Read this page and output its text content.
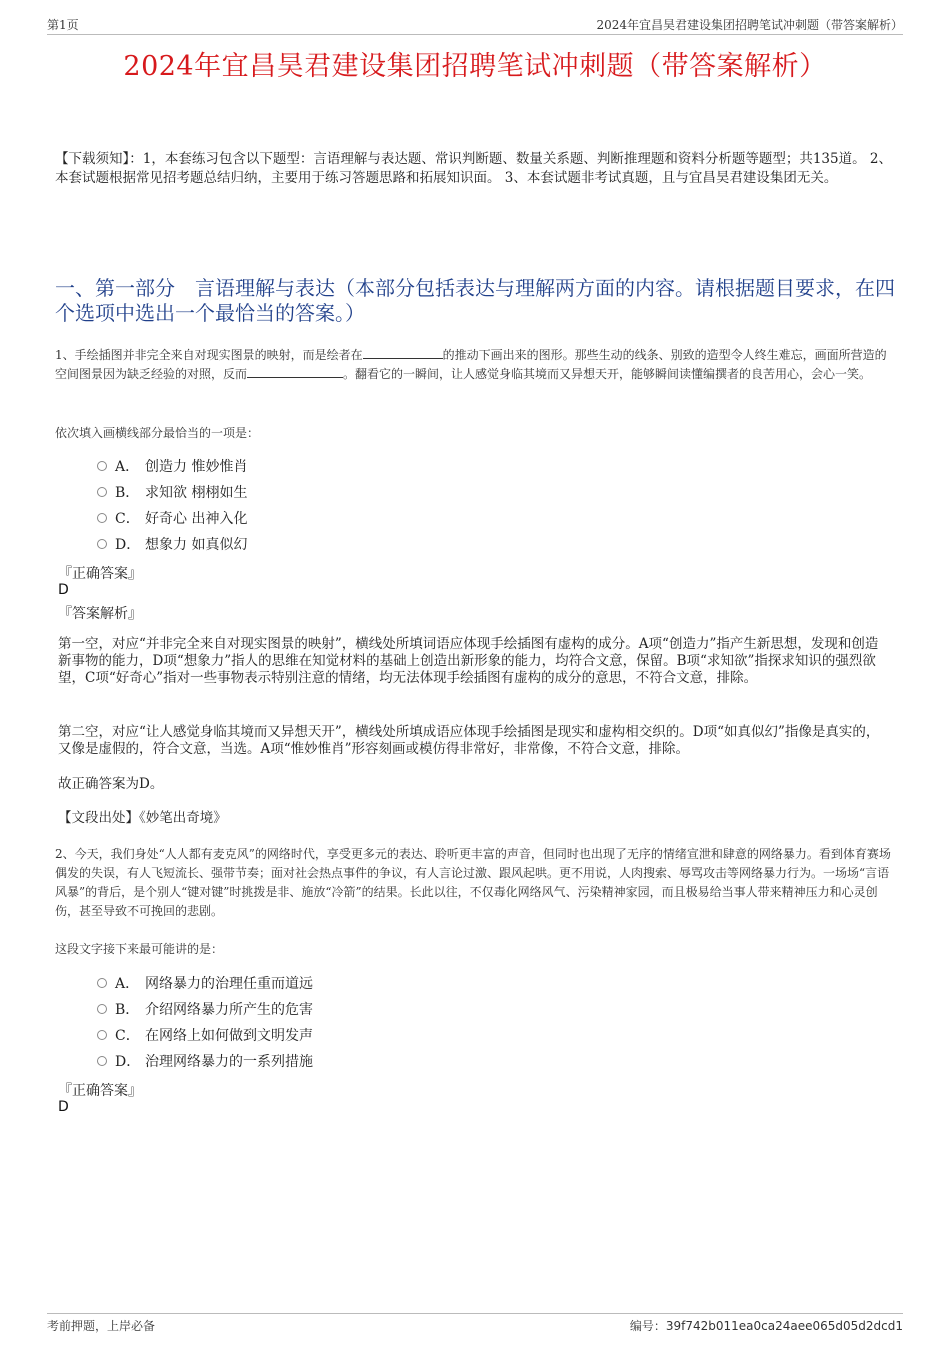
第1页	2024年宜昌昊君建设集团招聘笔试冲刺题（带答案解析）
2024年宜昌昊君建设集团招聘笔试冲刺题（带答案解析）
【下载须知】：1，本套练习包含以下题型：言语理解与表达题、常识判断题、数量关系题、判断推理题和资料分析题等题型；共135道。 2、本套试题根据常见招考题总结归纳，主要用于练习答题思路和拓展知识面。 3、本套试题非考试真题，且与宜昌昊君建设集团无关。
一、第一部分　言语理解与表达（本部分包括表达与理解两方面的内容。请根据题目要求，在四个选项中选出一个最恰当的答案。）
1、手绘插图并非完全来自对现实图景的映射，而是绘者在	的推动下画出来的图形。那些生动的线条、别致的造型令人终生难忘，画面所营造的空间图景因为缺乏经验的对照，反而	。翻看它的一瞬间，让人感觉身临其境而又异想天开，能够瞬间读懂编撰者的良苦用心，会心一笑。
依次填入画横线部分最恰当的一项是：
A． 创造力 惟妙惟肖
B． 求知欲 栩栩如生
C． 好奇心 出神入化
D． 想象力 如真似幻
『正确答案』
D
『答案解析』
第一空，对应“并非完全来自对现实图景的映射”，横线处所填词语应体现手绘插图有虚构的成分。A项“创造力”指产生新思想，发现和创造新事物的能力，D项“想象力”指人的思维在知觉材料的基础上创造出新形象的能力，均符合文意，保留。B项“求知欲”指探求知识的强烈欲望，C项“好奇心”指对一些事物表示特别注意的情绪，均无法体现手绘插图有虚构的成分的意思，不符合文意，排除。
第二空，对应“让人感觉身临其境而又异想天开”，横线处所填成语应体现手绘插图是现实和虚构相交织的。D项“如真似幻”指像是真实的，又像是虚假的，符合文意，当选。A项“惟妙惟肖”形容刻画或模仿得非常好，非常像，不符合文意，排除。
故正确答案为D。
【文段出处】《妙笔出奇境》
2、今天，我们身处“人人都有麦克风”的网络时代，享受更多元的表达、聆听更丰富的声音，但同时也出现了无序的情绪宣泄和肆意的网络暴力。看到体育赛场偶发的失误，有人飞短流长、强带节奏；面对社会热点事件的争议，有人言论过激、跟风起哄。更不用说，人肉搜索、辱骂攻击等网络暴力行为。一场场“言语风暴”的背后，是个别人“键对键”时挑拨是非、施放“冷箭”的结果。长此以往，不仅毒化网络风气、污染精神家园，而且极易给当事人带来精神压力和心灵创伤，甚至导致不可挽回的悲剧。
这段文字接下来最可能讲的是：
A． 网络暴力的治理任重而道远
B． 介绍网络暴力所产生的危害
C． 在网络上如何做到文明发声
D． 治理网络暴力的一系列措施
『正确答案』
D
考前押题，上岸必备	编号：39f742b011ea0ca24aee065d05d2dcd1
